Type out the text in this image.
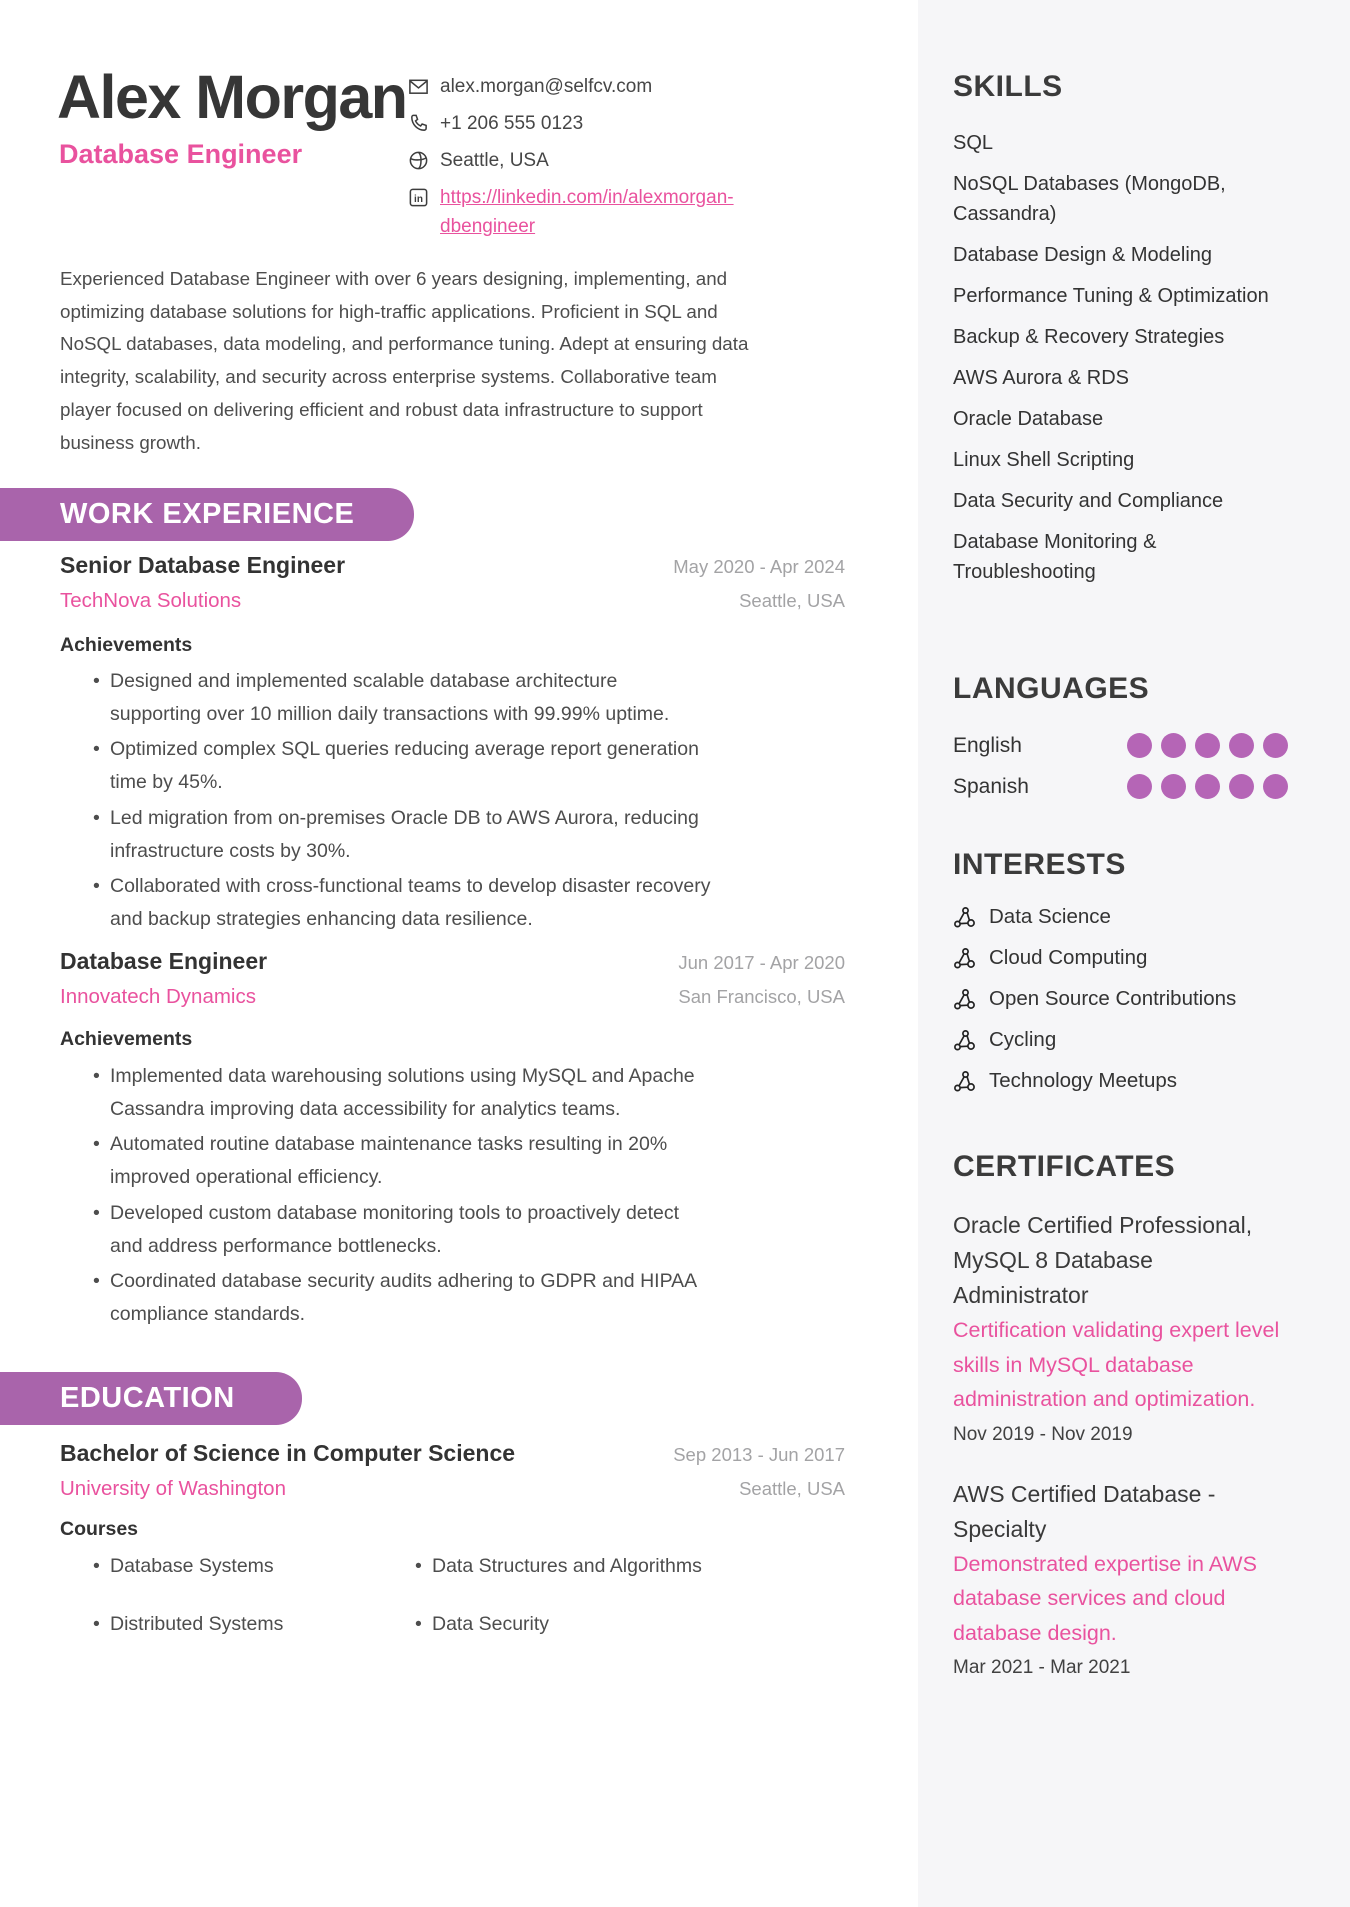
Alex Morgan
Database Engineer
alex.morgan@selfcv.com
+1 206 555 0123
Seattle, USA
in https://linkedin.com/in/alexmorgan-dbengineer

Experienced Database Engineer with over 6 years designing, implementing, and optimizing database solutions for high-traffic applications. Proficient in SQL and NoSQL databases, data modeling, and performance tuning. Adept at ensuring data integrity, scalability, and security across enterprise systems. Collaborative team player focused on delivering efficient and robust data infrastructure to support business growth.

WORK EXPERIENCE
Senior Database Engineer	May 2020 - Apr 2024
TechNova Solutions	Seattle, USA
Achievements
• Designed and implemented scalable database architecture supporting over 10 million daily transactions with 99.99% uptime.
• Optimized complex SQL queries reducing average report generation time by 45%.
• Led migration from on-premises Oracle DB to AWS Aurora, reducing infrastructure costs by 30%.
• Collaborated with cross-functional teams to develop disaster recovery and backup strategies enhancing data resilience.
Database Engineer	Jun 2017 - Apr 2020
Innovatech Dynamics	San Francisco, USA
Achievements
• Implemented data warehousing solutions using MySQL and Apache Cassandra improving data accessibility for analytics teams.
• Automated routine database maintenance tasks resulting in 20% improved operational efficiency.
• Developed custom database monitoring tools to proactively detect and address performance bottlenecks.
• Coordinated database security audits adhering to GDPR and HIPAA compliance standards.
EDUCATION
Bachelor of Science in Computer Science	Sep 2013 - Jun 2017
University of Washington	Seattle, USA
Courses
• Database Systems	• Data Structures and Algorithms
• Distributed Systems	• Data Security
SKILLS
SQL
NoSQL Databases (MongoDB, Cassandra)
Database Design & Modeling
Performance Tuning & Optimization
Backup & Recovery Strategies
AWS Aurora & RDS
Oracle Database
Linux Shell Scripting
Data Security and Compliance
Database Monitoring & Troubleshooting
LANGUAGES
English
Spanish
INTERESTS
Data Science
Cloud Computing
Open Source Contributions
Cycling
Technology Meetups
CERTIFICATES
Oracle Certified Professional, MySQL 8 Database Administrator
Certification validating expert level skills in MySQL database administration and optimization.
Nov 2019 - Nov 2019
AWS Certified Database - Specialty
Demonstrated expertise in AWS database services and cloud database design.
Mar 2021 - Mar 2021
